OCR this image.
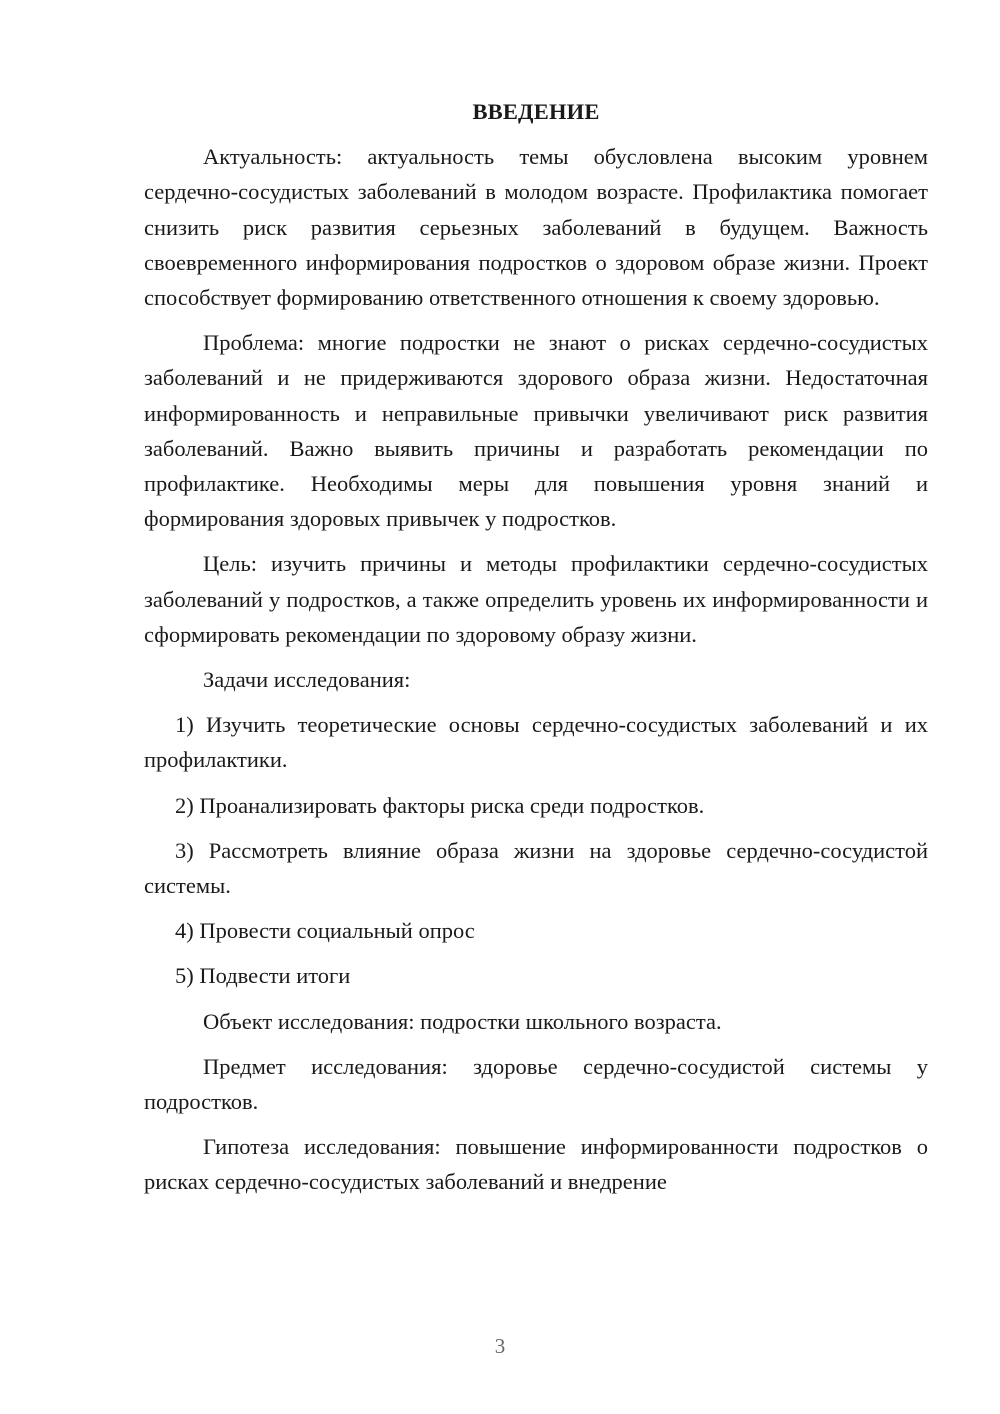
ВВЕДЕНИЕ

Актуальность: актуальность темы обусловлена высоким уровнем сердечно-сосудистых заболеваний в молодом возрасте. Профилактика помогает снизить риск развития серьезных заболеваний в будущем. Важность своевременного информирования подростков о здоровом образе жизни. Проект способствует формированию ответственного отношения к своему здоровью.

Проблема: многие подростки не знают о рисках сердечно-сосудистых заболеваний и не придерживаются здорового образа жизни. Недостаточная информированность и неправильные привычки увеличивают риск развития заболеваний. Важно выявить причины и разработать рекомендации по профилактике. Необходимы меры для повышения уровня знаний и формирования здоровых привычек у подростков.

Цель: изучить причины и методы профилактики сердечно-сосудистых заболеваний у подростков, а также определить уровень их информированности и сформировать рекомендации по здоровому образу жизни.

Задачи исследования:

1) Изучить теоретические основы сердечно-сосудистых заболеваний и их профилактики.

2) Проанализировать факторы риска среди подростков.

3) Рассмотреть влияние образа жизни на здоровье сердечно-сосудистой системы.

4) Провести социальный опрос

5) Подвести итоги

Объект исследования: подростки школьного возраста.

Предмет исследования: здоровье сердечно-сосудистой системы у подростков.

Гипотеза исследования: повышение информированности подростков о рисках сердечно-сосудистых заболеваний и внедрение

3
